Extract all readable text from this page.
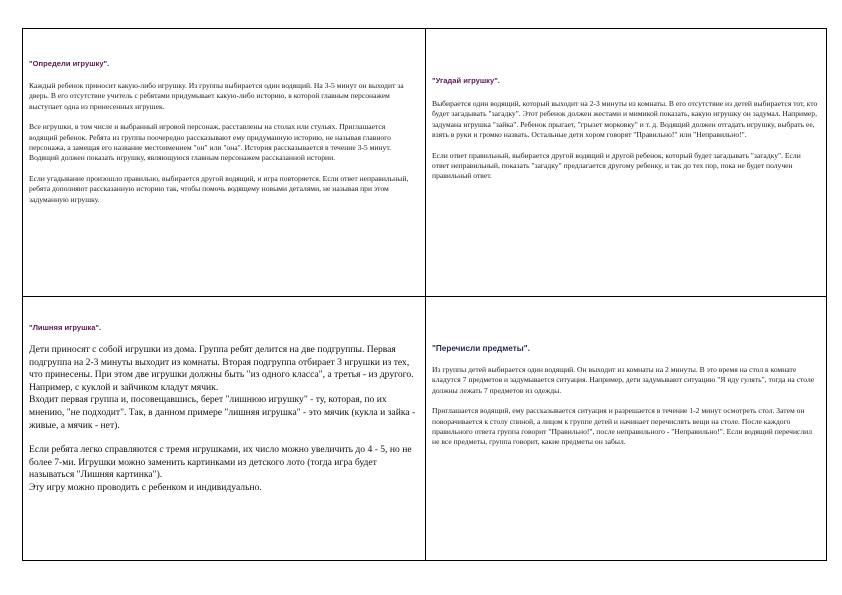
"Определи игрушку".

Каждый ребенок приносит какую-либо игрушку. Из группы выбирается один водящий. На 3-5 минут он выходит за дверь. В его отсутствие учитель с ребятами придумывает какую-либо историю, в которой главным персонажем выступает одна из принесенных игрушек.

Все игрушки, в том числе и выбранный игровой персонаж, расставлены на столах или стульях. Приглашается водящий ребенок. Ребята из группы поочередно рассказывают ему придуманную историю, не называя главного персонажа, а замещая его название местоимением "он" или "она". История рассказывается в течение 3-5 минут. Водящий должен показать игрушку, являющуюся главным персонажем рассказанной истории.

Если угадывание произошло правильно, выбирается другой водящий, и игра повторяется. Если ответ неправильный, ребята дополняют рассказанную историю так, чтобы помочь водящему новыми деталями, не называя при этом задуманную игрушку.

"Угадай игрушку".

Выбирается один водящий, который выходит на 2-3 минуты из комнаты. В его отсутствие из детей выбирается тот, кто будет загадывать "загадку". Этот ребенок должен жестами и мимикой показать, какую игрушку он задумал. Например, задумана игрушка "зайка". Ребенок прыгает, "грызет морковку" и т. д. Водящий должен отгадать игрушку, выбрать ее, взять в руки и громко назвать. Остальные дети хором говорят "Правильно!" или "Неправильно!".

Если ответ правильный, выбирается другой водящий и другой ребенок, который будет загадывать "загадку". Если ответ неправильный, показать "загадку" предлагается другому ребенку, и так до тех пор, пока не будет получен правильный ответ.

"Лишняя игрушка".

Дети приносят с собой игрушки из дома. Группа ребят делится на две подгруппы. Первая подгруппа на 2-3 минуты выходит из комнаты. Вторая подгруппа отбирает 3 игрушки из тех, что принесены. При этом две игрушки должны быть "из одного класса", а третья - из другого. Например, с куклой и зайчиком кладут мячик.

Входит первая группа и, посовещавшись, берет "лишнюю игрушку" - ту, которая, по их мнению, "не подходит". Так, в данном примере "лишняя игрушка" - это мячик (кукла и зайка - живые, а мячик - нет).

Если ребята легко справляются с тремя игрушками, их число можно увеличить до 4 - 5, но не более 7-ми. Игрушки можно заменить картинками из детского лото (тогда игра будет называться "Лишняя картинка").

Эту игру можно проводить с ребенком и индивидуально.

"Перечисли предметы".

Из группы детей выбирается один водящий. Он выходит из комнаты на 2 минуты. В это время на стол в комнате кладутся 7 предметов и задумывается ситуация. Например, дети задумывают ситуацию "Я иду гулять", тогда на столе должны лежать 7 предметов из одежды.

Приглашается водящий, ему рассказывается ситуация и разрешается в течение 1-2 минут осмотреть стол. Затем он поворачивается к столу спиной, а лицом к группе детей и начинает перечислять вещи на столе. После каждого правильного ответа группа говорит "Правильно!", после неправильного - "Неправильно!". Если водящий перечислил не все предметы, группа говорит, какие предметы он забыл.
